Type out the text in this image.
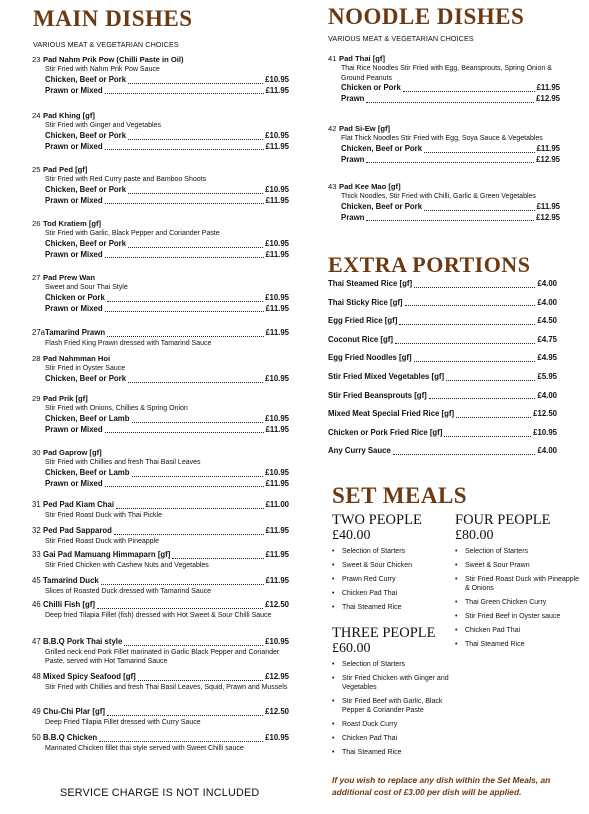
MAIN DISHES
VARIOUS MEAT & VEGETARIAN CHOICES
23 Pad Nahm Prik Pow (Chilli Paste in Oil)
Stir Fried with Nahm Prik Pow Sauce
Chicken, Beef or Pork	£10.95
Prawn or Mixed	£11.95
24 Pad Khing [gf]
Stir Fried with Ginger and Vegetables
Chicken, Beef or Pork	£10.95
Prawn or Mixed	£11.95
25 Pad Ped [gf]
Stir Fried with Red Curry paste and Bamboo Shoots
Chicken, Beef or Pork	£10.95
Prawn or Mixed	£11.95
26 Tod Kratiem [gf]
Stir Fried with Garlic, Black Pepper and Coriander Paste
Chicken, Beef or Pork	£10.95
Prawn or Mixed	£11.95
27 Pad Prew Wan
Sweet and Sour Thai Style
Chicken or Pork	£10.95
Prawn or Mixed	£11.95
27aTamarind Prawn	£11.95
Flash Fried King Prawn dressed with Tamarind Sauce
28 Pad Nahmman Hoi
Stir Fried in Oyster Sauce
Chicken, Beef or Pork	£10.95
29 Pad Prik [gf]
Stir Fried with Onions, Chillies & Spring Onion
Chicken, Beef or Lamb	£10.95
Prawn or Mixed	£11.95
30 Pad Gaprow [gf]
Stir Fried with Chillies and fresh Thai Basil Leaves
Chicken, Beef or Lamb	£10.95
Prawn or Mixed	£11.95
31 Ped Pad Kiam Chai	£11.00
Stir Fried Roast Duck with Thai Pickle
32 Ped Pad Sapparod	£11.95
Stir Fried Roast Duck with Pineapple
33 Gai Pad Mamuang Himmaparn [gf]	£11.95
Stir Fried Chicken with Cashew Nuts and Vegetables
45 Tamarind Duck	£11.95
Slices of Roasted Duck dressed with Tamarind Sauce
46 Chilli Fish [gf]	£12.50
Deep fried Tilapia Fillet (fish) dressed with Hot Sweet & Sour Chilli Sauce
47 B.B.Q Pork Thai style	£10.95
Grilled neck end Pork Fillet marinated in Garlic Black Pepper and Coriander Paste, served with Hot Tamarind Sauce
48 Mixed Spicy Seafood [gf]	£12.95
Stir Fried with Chillies and fresh Thai Basil Leaves, Squid, Prawn and Mussels
49 Chu-Chi Plar [gf]	£12.50
Deep Fried Tilapia Fillet dressed with Curry Sauce
50 B.B.Q Chicken	£10.95
Marinated Chicken fillet thai style served with Sweet Chilli sauce
SERVICE CHARGE IS NOT INCLUDED
NOODLE DISHES
VARIOUS MEAT & VEGETARIAN CHOICES
41 Pad Thai [gf]
Thai Rice Noodles Stir Fried with Egg, Beansprouts, Spring Onion & Ground Peanuts
Chicken or Pork	£11.95
Prawn	£12.95
42 Pad Si-Ew [gf]
Flat Thick Noodles Stir Fried with Egg, Soya Sauce & Vegetables
Chicken, Beef or Pork	£11.95
Prawn	£12.95
43 Pad Kee Mao [gf]
Thick Noodles, Stir Fried with Chilli, Garlic & Green Vegetables
Chicken, Beef or Pork	£11.95
Prawn	£12.95
EXTRA PORTIONS
Thai Steamed Rice [gf]	£4.00
Thai Sticky Rice [gf]	£4.00
Egg Fried Rice [gf]	£4.50
Coconut Rice [gf]	£4.75
Egg Fried Noodles [gf]	£4.95
Stir Fried Mixed Vegetables [gf]	£5.95
Stir Fried Beansprouts [gf]	£4.00
Mixed Meat Special Fried Rice [gf]	£12.50
Chicken or Pork Fried Rice [gf]	£10.95
Any Curry Sauce	£4.00
SET MEALS
TWO PEOPLE
£40.00
• Selection of Starters
• Sweet & Sour Chicken
• Prawn Red Curry
• Chicken Pad Thai
• Thai Steamed Rice
THREE PEOPLE
£60.00
• Selection of Starters
• Stir Fried Chicken with Ginger and Vegetables
• Stir Fried Beef with Garlic, Black Pepper & Coriander Paste
• Roast Duck Curry
• Chicken Pad Thai
• Thai Steamed Rice
FOUR PEOPLE
£80.00
• Selection of Starters
• Sweet & Sour Prawn
• Stir Fried Roast Duck with Pineapple & Onions
• Thai Green Chicken Curry
• Stir Fried Beef in Oyster sauce
• Chicken Pad Thai
• Thai Steamed Rice
If you wish to replace any dish within the Set Meals, an additional cost of £3.00 per dish will be applied.
